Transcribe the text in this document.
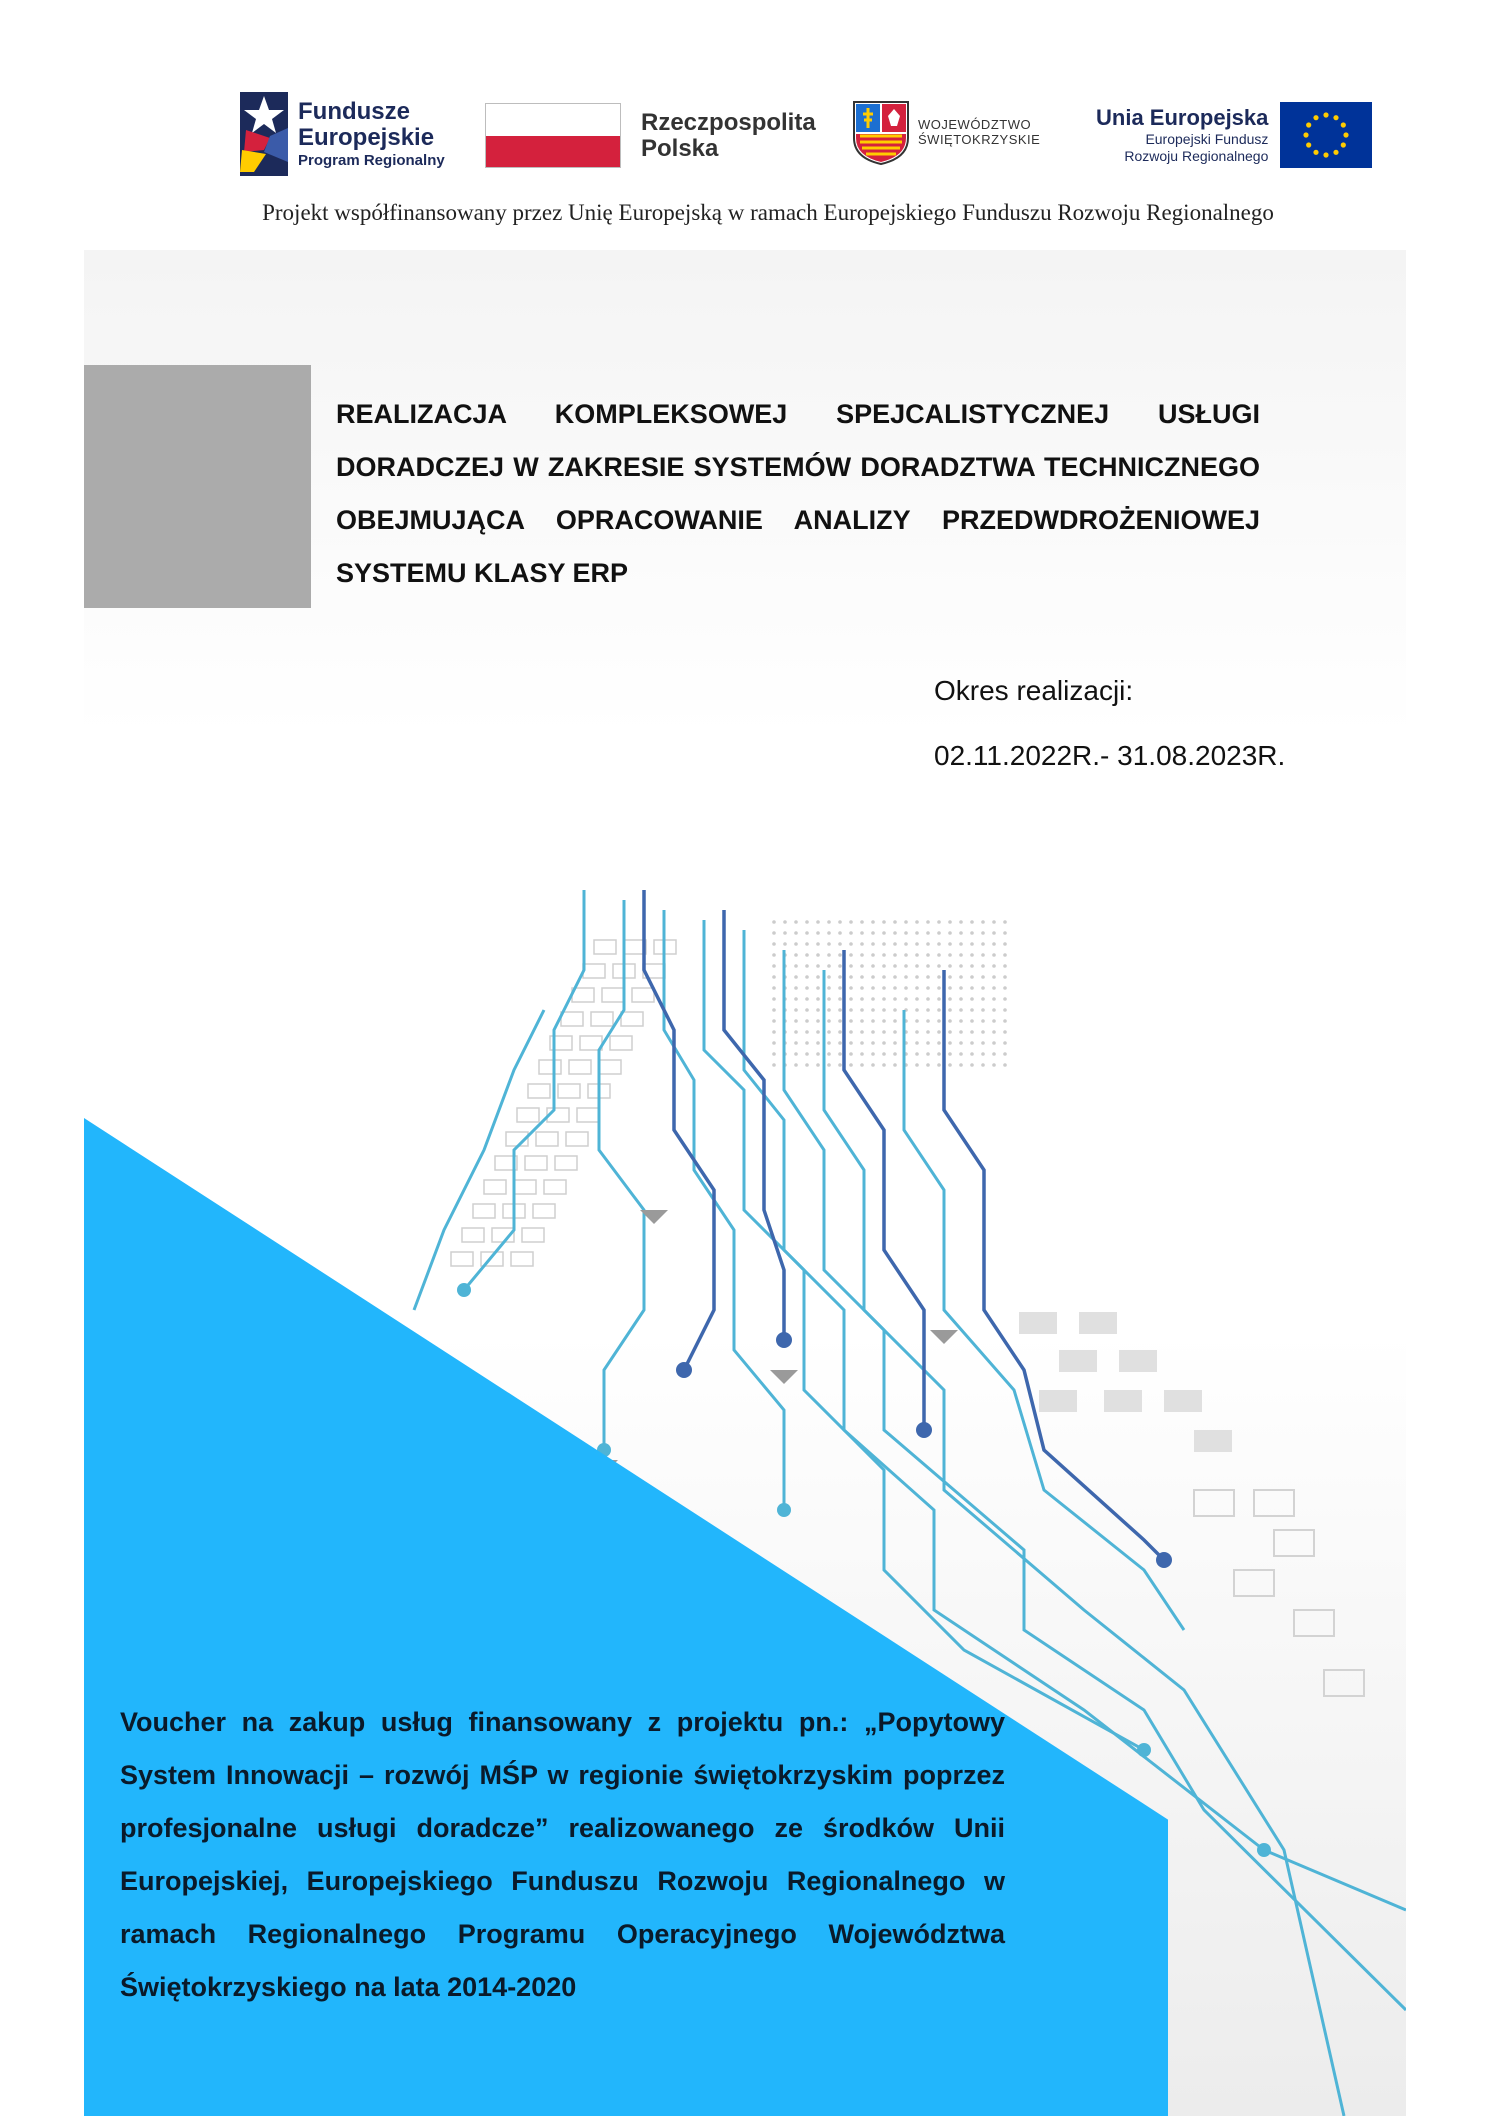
Fundusze
Europejskie
Program Regionalny
Rzeczpospolita
Polska
WOJEWÓDZTWO
ŚWIĘTOKRZYSKIE
Unia Europejska
Europejski Fundusz
Rozwoju Regionalnego
Projekt współfinansowany przez Unię Europejską w ramach Europejskiego Funduszu Rozwoju Regionalnego

REALIZACJA KOMPLEKSOWEJ SPEJCALISTYCZNEJ USŁUGI DORADCZEJ W ZAKRESIE SYSTEMÓW DORADZTWA TECHNICZNEGO OBEJMUJĄCA OPRACOWANIE ANALIZY PRZEDWDROŻENIOWEJ SYSTEMU KLASY ERP

Okres realizacji:
02.11.2022R.- 31.08.2023R.

Voucher na zakup usług finansowany z projektu pn.: „Popytowy System Innowacji – rozwój MŚP w regionie świętokrzyskim poprzez profesjonalne usługi doradcze” realizowanego ze środków Unii Europejskiej, Europejskiego Funduszu Rozwoju Regionalnego w ramach Regionalnego Programu Operacyjnego Województwa Świętokrzyskiego na lata 2014-2020
